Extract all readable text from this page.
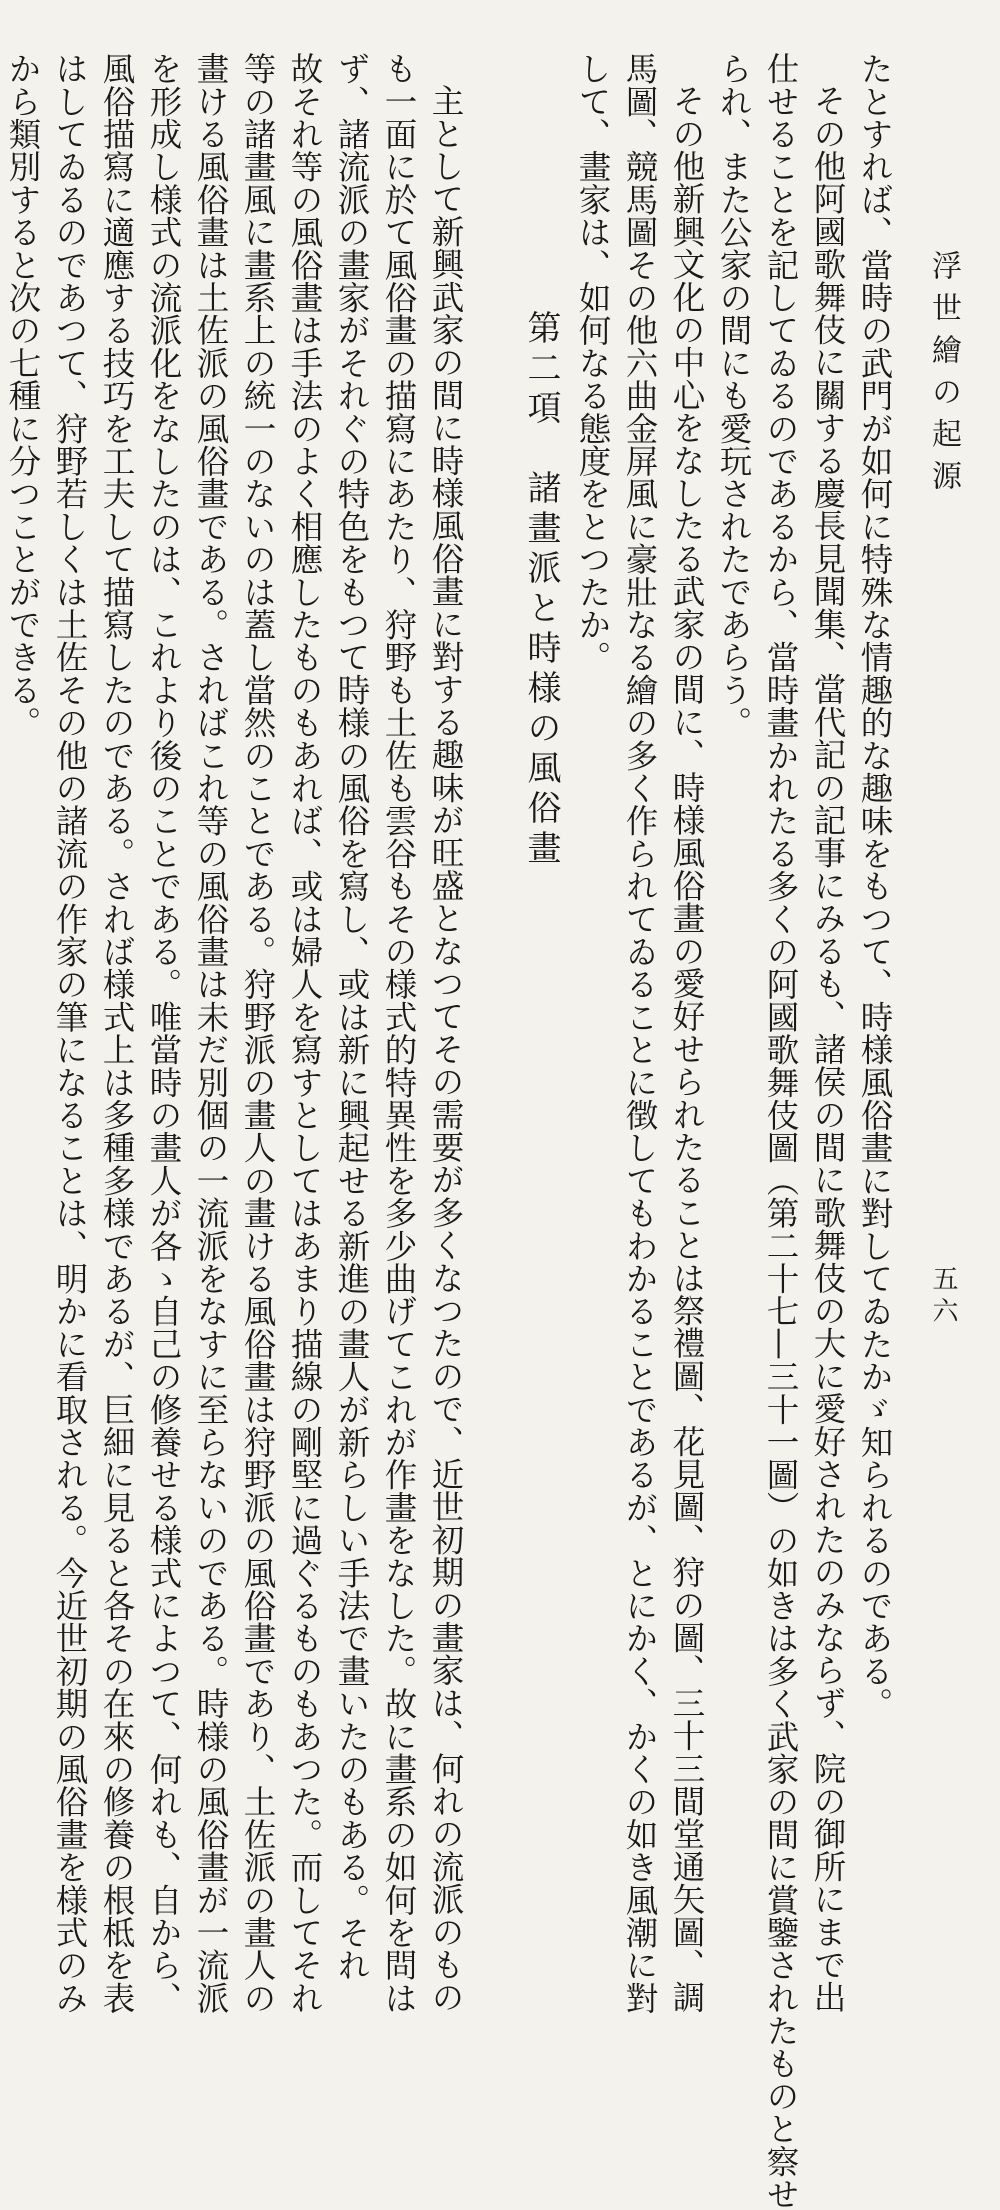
浮世繪の起源
五六
たとすれば、當時の武門が如何に特殊な情趣的な趣味をもつて、時様風俗畫に對してゐたかゞ知られるのである。
その他阿國歌舞伎に關する慶長見聞集、當代記の記事にみるも、諸侯の間に歌舞伎の大に愛好されたのみならず、院の御所にまで出
仕せることを記してゐるのであるから、當時畫かれたる多くの阿國歌舞伎圖（第二十七—三十一圖）の如きは多く武家の間に賞鑒されたものと察せ
られ、また公家の間にも愛玩されたであらう。
その他新興文化の中心をなしたる武家の間に、時様風俗畫の愛好せられたることは祭禮圖、花見圖、狩の圖、三十三間堂通矢圖、調
馬圖、競馬圖その他六曲金屏風に豪壯なる繪の多く作られてゐることに徴してもわかることであるが、とにかく、かくの如き風潮に對
して、畫家は、如何なる態度をとつたか。
第二項　諸畫派と時様の風俗畫
主として新興武家の間に時様風俗畫に對する趣味が旺盛となつてその需要が多くなつたので、近世初期の畫家は、何れの流派のもの
も一面に於て風俗畫の描寫にあたり、狩野も土佐も雲谷もその様式的特異性を多少曲げてこれが作畫をなした。故に畫系の如何を問は
ず、諸流派の畫家がそれぐの特色をもつて時様の風俗を寫し、或は新に興起せる新進の畫人が新らしい手法で畫いたのもある。それ
故それ等の風俗畫は手法のよく相應したものもあれば、或は婦人を寫すとしてはあまり描線の剛堅に過ぐるものもあつた。而してそれ
等の諸畫風に畫系上の統一のないのは蓋し當然のことである。狩野派の畫人の畫ける風俗畫は狩野派の風俗畫であり、土佐派の畫人の
畫ける風俗畫は土佐派の風俗畫である。さればこれ等の風俗畫は未だ別個の一流派をなすに至らないのである。時様の風俗畫が一流派
を形成し様式の流派化をなしたのは、これより後のことである。唯當時の畫人が各ゝ自己の修養せる様式によつて、何れも、自から、
風俗描寫に適應する技巧を工夫して描寫したのである。されば様式上は多種多様であるが、巨細に見ると各その在來の修養の根柢を表
はしてゐるのであつて、狩野若しくは土佐その他の諸流の作家の筆になることは、明かに看取される。今近世初期の風俗畫を様式のみ
から類別すると次の七種に分つことができる。
